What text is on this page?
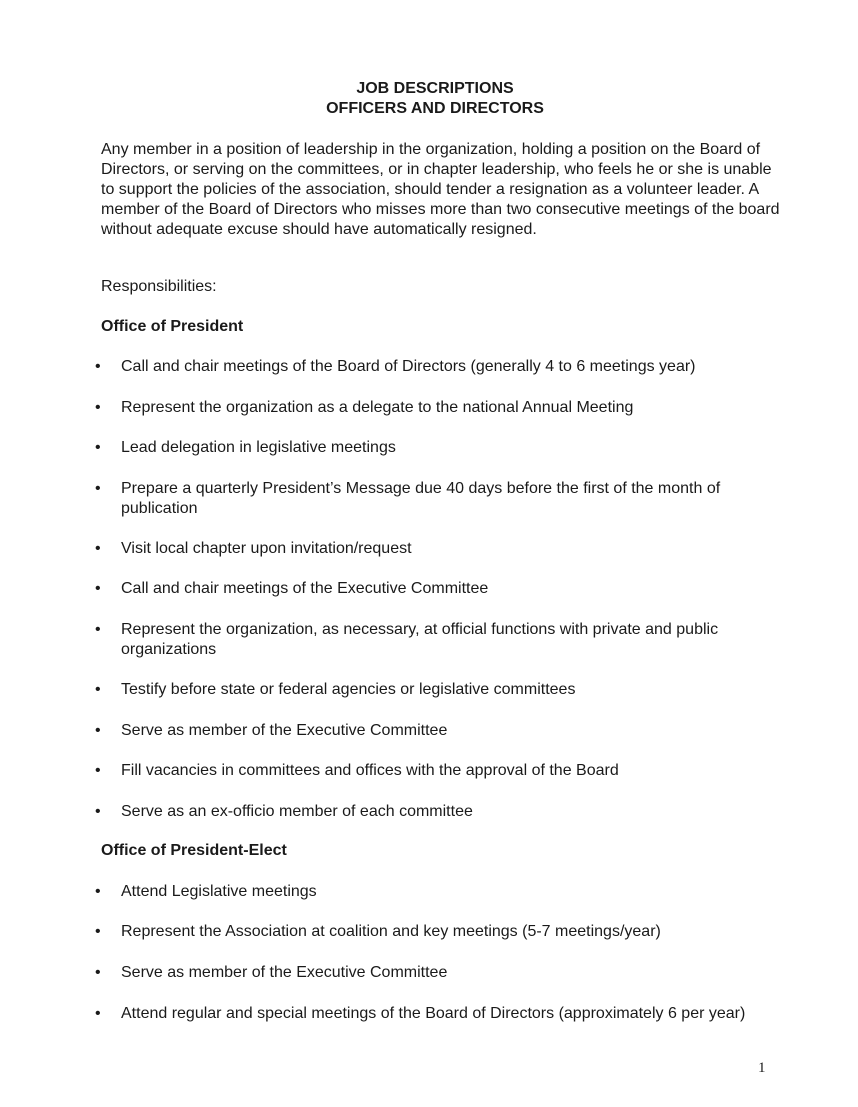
JOB DESCRIPTIONS
OFFICERS AND DIRECTORS

Any member in a position of leadership in the organization, holding a position on the Board of Directors, or serving on the committees, or in chapter leadership, who feels he or she is unable to support the policies of the association, should tender a resignation as a volunteer leader. A member of the Board of Directors who misses more than two consecutive meetings of the board without adequate excuse should have automatically resigned.

Responsibilities:

Office of President
•	Call and chair meetings of the Board of Directors (generally 4 to 6 meetings year)
•	Represent the organization as a delegate to the national Annual Meeting
•	Lead delegation in legislative meetings
•	Prepare a quarterly President’s Message due 40 days before the first of the month of publication
•	Visit local chapter upon invitation/request
•	Call and chair meetings of the Executive Committee
•	Represent the organization, as necessary, at official functions with private and public organizations
•	Testify before state or federal agencies or legislative committees
•	Serve as member of the Executive Committee
•	Fill vacancies in committees and offices with the approval of the Board
•	Serve as an ex-officio member of each committee
Office of President-Elect
•	Attend Legislative meetings
•	Represent the Association at coalition and key meetings (5-7 meetings/year)
•	Serve as member of the Executive Committee
•	Attend regular and special meetings of the Board of Directors (approximately 6 per year)
1
